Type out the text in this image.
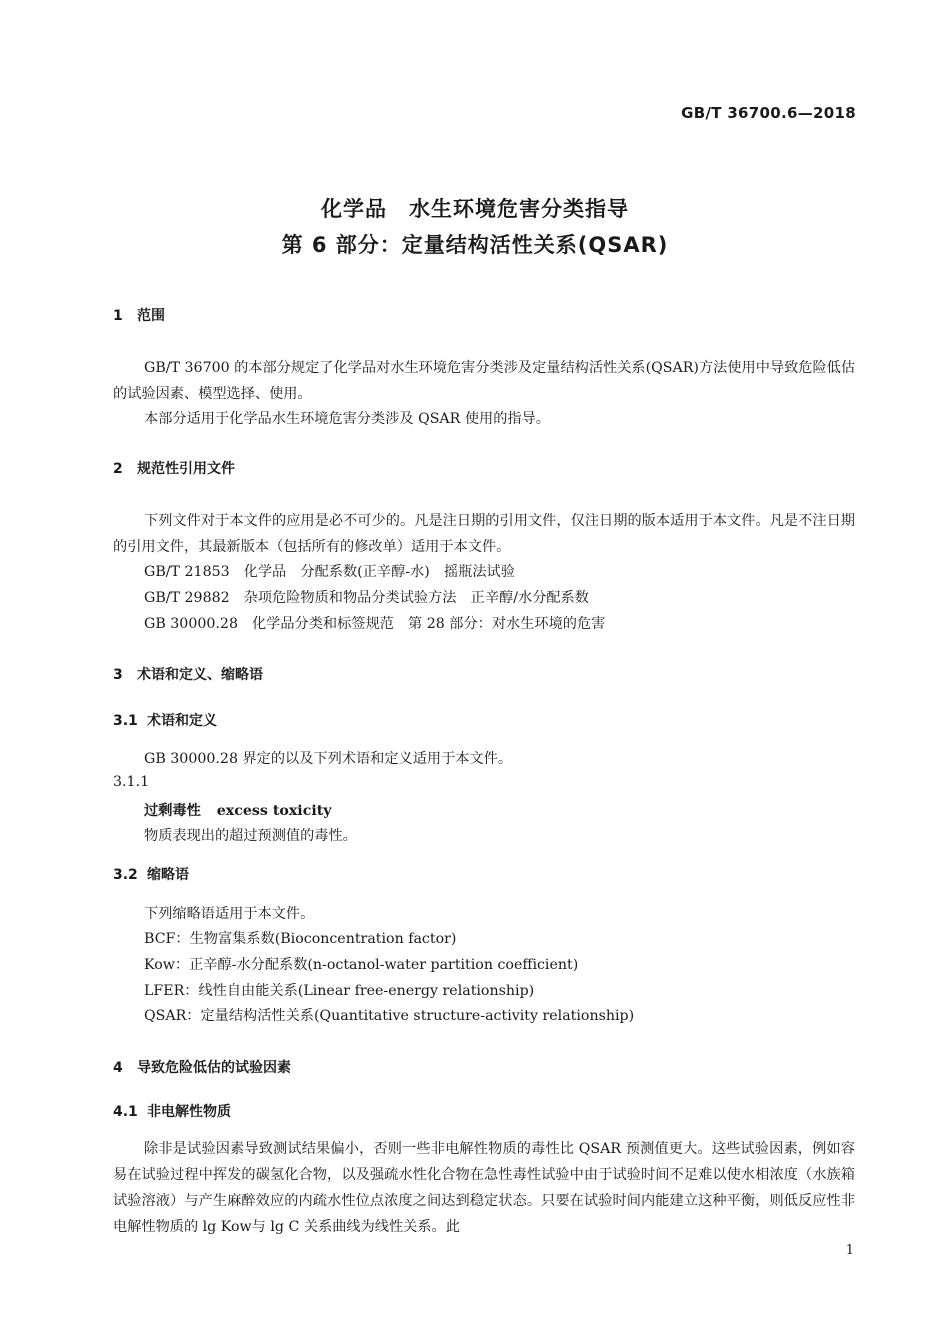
GB/T 36700.6—2018
化学品　水生环境危害分类指导
第 6 部分：定量结构活性关系(QSAR)
1 范围
GB/T 36700 的本部分规定了化学品对水生环境危害分类涉及定量结构活性关系(QSAR)方法使用中导致危险低估的试验因素、模型选择、使用。
本部分适用于化学品水生环境危害分类涉及 QSAR 使用的指导。
2 规范性引用文件
下列文件对于本文件的应用是必不可少的。凡是注日期的引用文件，仅注日期的版本适用于本文件。凡是不注日期的引用文件，其最新版本（包括所有的修改单）适用于本文件。
GB/T 21853 化学品　分配系数(正辛醇-水)　摇瓶法试验
GB/T 29882 杂项危险物质和物品分类试验方法　正辛醇/水分配系数
GB 30000.28 化学品分类和标签规范　第 28 部分：对水生环境的危害
3 术语和定义、缩略语
3.1 术语和定义
GB 30000.28 界定的以及下列术语和定义适用于本文件。
3.1.1
过剩毒性 excess toxicity
物质表现出的超过预测值的毒性。
3.2 缩略语
下列缩略语适用于本文件。
BCF：生物富集系数(Bioconcentration factor)
Kow：正辛醇-水分配系数(n-octanol-water partition coefficient)
LFER：线性自由能关系(Linear free-energy relationship)
QSAR：定量结构活性关系(Quantitative structure-activity relationship)
4 导致危险低估的试验因素
4.1 非电解性物质
除非是试验因素导致测试结果偏小，否则一些非电解性物质的毒性比 QSAR 预测值更大。这些试验因素，例如容易在试验过程中挥发的碳氢化合物，以及强疏水性化合物在急性毒性试验中由于试验时间不足难以使水相浓度（水族箱试验溶液）与产生麻醉效应的内疏水性位点浓度之间达到稳定状态。只要在试验时间内能建立这种平衡，则低反应性非电解性物质的 lg Kow与 lg C 关系曲线为线性关系。此
1
